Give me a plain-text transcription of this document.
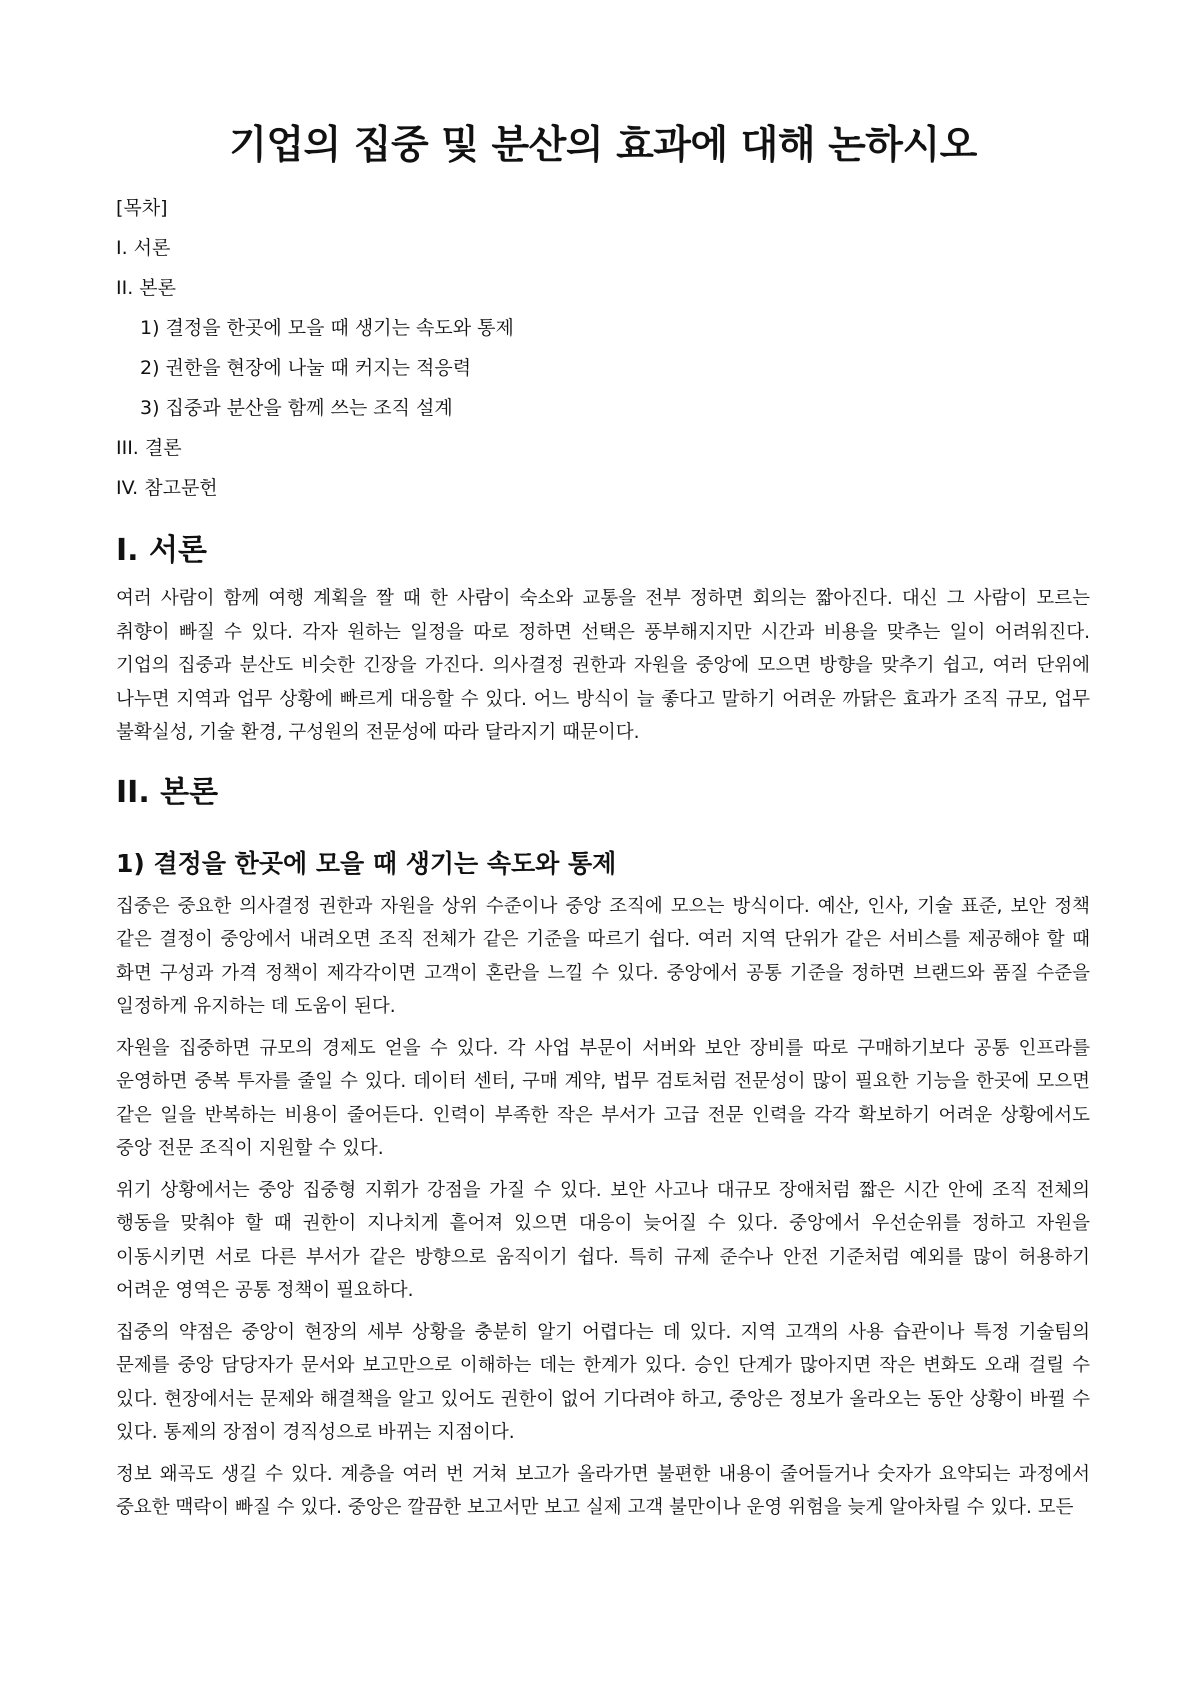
기업의 집중 및 분산의 효과에 대해 논하시오
[목차]
I. 서론
II. 본론
1) 결정을 한곳에 모을 때 생기는 속도와 통제
2) 권한을 현장에 나눌 때 커지는 적응력
3) 집중과 분산을 함께 쓰는 조직 설계
III. 결론
IV. 참고문헌
I. 서론

여러 사람이 함께 여행 계획을 짤 때 한 사람이 숙소와 교통을 전부 정하면 회의는 짧아진다. 대신 그 사람이 모르는 취향이 빠질 수 있다. 각자 원하는 일정을 따로 정하면 선택은 풍부해지지만 시간과 비용을 맞추는 일이 어려워진다. 기업의 집중과 분산도 비슷한 긴장을 가진다. 의사결정 권한과 자원을 중앙에 모으면 방향을 맞추기 쉽고, 여러 단위에 나누면 지역과 업무 상황에 빠르게 대응할 수 있다. 어느 방식이 늘 좋다고 말하기 어려운 까닭은 효과가 조직 규모, 업무 불확실성, 기술 환경, 구성원의 전문성에 따라 달라지기 때문이다.

II. 본론
1) 결정을 한곳에 모을 때 생기는 속도와 통제

집중은 중요한 의사결정 권한과 자원을 상위 수준이나 중앙 조직에 모으는 방식이다. 예산, 인사, 기술 표준, 보안 정책 같은 결정이 중앙에서 내려오면 조직 전체가 같은 기준을 따르기 쉽다. 여러 지역 단위가 같은 서비스를 제공해야 할 때 화면 구성과 가격 정책이 제각각이면 고객이 혼란을 느낄 수 있다. 중앙에서 공통 기준을 정하면 브랜드와 품질 수준을 일정하게 유지하는 데 도움이 된다.

자원을 집중하면 규모의 경제도 얻을 수 있다. 각 사업 부문이 서버와 보안 장비를 따로 구매하기보다 공통 인프라를 운영하면 중복 투자를 줄일 수 있다. 데이터 센터, 구매 계약, 법무 검토처럼 전문성이 많이 필요한 기능을 한곳에 모으면 같은 일을 반복하는 비용이 줄어든다. 인력이 부족한 작은 부서가 고급 전문 인력을 각각 확보하기 어려운 상황에서도 중앙 전문 조직이 지원할 수 있다.

위기 상황에서는 중앙 집중형 지휘가 강점을 가질 수 있다. 보안 사고나 대규모 장애처럼 짧은 시간 안에 조직 전체의 행동을 맞춰야 할 때 권한이 지나치게 흩어져 있으면 대응이 늦어질 수 있다. 중앙에서 우선순위를 정하고 자원을 이동시키면 서로 다른 부서가 같은 방향으로 움직이기 쉽다. 특히 규제 준수나 안전 기준처럼 예외를 많이 허용하기 어려운 영역은 공통 정책이 필요하다.

집중의 약점은 중앙이 현장의 세부 상황을 충분히 알기 어렵다는 데 있다. 지역 고객의 사용 습관이나 특정 기술팀의 문제를 중앙 담당자가 문서와 보고만으로 이해하는 데는 한계가 있다. 승인 단계가 많아지면 작은 변화도 오래 걸릴 수 있다. 현장에서는 문제와 해결책을 알고 있어도 권한이 없어 기다려야 하고, 중앙은 정보가 올라오는 동안 상황이 바뀔 수 있다. 통제의 장점이 경직성으로 바뀌는 지점이다.

정보 왜곡도 생길 수 있다. 계층을 여러 번 거쳐 보고가 올라가면 불편한 내용이 줄어들거나 숫자가 요약되는 과정에서 중요한 맥락이 빠질 수 있다. 중앙은 깔끔한 보고서만 보고 실제 고객 불만이나 운영 위험을 늦게 알아차릴 수 있다. 모든
